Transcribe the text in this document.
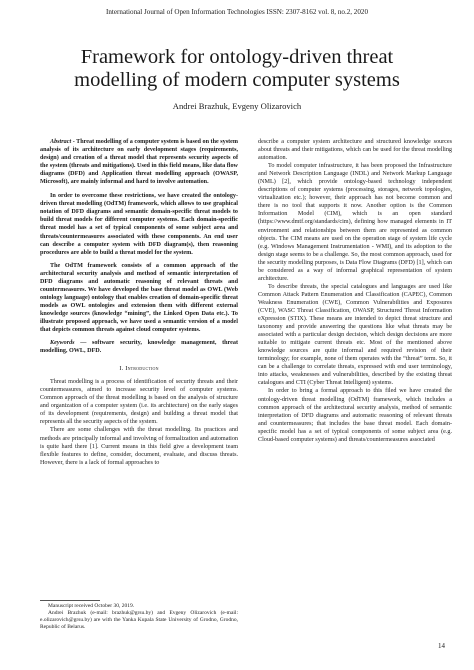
International Journal of Open Information Technologies ISSN: 2307-8162 vol. 8, no.2, 2020
Framework for ontology-driven threat
modelling of modern computer systems
Andrei Brazhuk, Evgeny Olizarovich

Abstract - Threat modelling of a computer system is based on the system analysis of its architecture on early development stages (requirements, design) and creation of a threat model that represents security aspects of the system (threats and mitigations). Used in this field means, like data flow diagrams (DFD) and Application threat modelling approach (OWASP, Microsoft), are mainly informal and hard to involve automation.

In order to overcome these restrictions, we have created the ontology-driven threat modelling (OdTM) framework, which allows to use graphical notation of DFD diagrams and semantic domain-specific threat models to build threat models for different computer systems. Each domain-specific threat model has a set of typical components of some subject area and threats/countermeasures associated with these components. An end user can describe a computer system with DFD diagram(s), then reasoning procedures are able to build a threat model for the system.

The OdTM framework consists of a common approach of the architectural security analysis and method of semantic interpretation of DFD diagrams and automatic reasoning of relevant threats and countermeasures. We have developed the base threat model as OWL (Web ontology language) ontology that enables creation of domain-specific threat models as OWL ontologies and extension them with different external knowledge sources (knowledge “mining”, the Linked Open Data etc.). To illustrate proposed approach, we have used a semantic version of a model that depicts common threats against cloud computer systems.

Keywords — software security, knowledge management, threat modelling, OWL, DFD.

I. Introduction

Threat modelling is a process of identification of security threats and their countermeasures, aimed to increase security level of computer systems. Common approach of the threat modelling is based on the analysis of structure and organization of a computer system (i.e. its architecture) on the early stages of its development (requirements, design) and building a threat model that represents all the security aspects of the system.

There are some challenges with the threat modelling. Its practices and methods are principally informal and involving of formalization and automation is quite hard there [1]. Current means in this field give a development team flexible features to define, consider, document, evaluate, and discuss threats. However, there is a lack of formal approaches to

Manuscript received October 30, 2019.

Andrei Brazhuk (e-mail: brazhuk@grsu.by) and Evgeny Olizarovich (e-mail: e.olizarovich@grsu.by) are with the Yanka Kupala State University of Grodno, Grodno, Republic of Belarus.

describe a computer system architecture and structured knowledge sources about threats and their mitigations, which can be used for the threat modelling automation.

To model computer infrastructure, it has been proposed the Infrastructure and Network Description Language (INDL) and Network Markup Language (NML) [2], which provide ontology-based technology independent descriptions of computer systems (processing, storages, network topologies, virtualization etc.); however, their approach has not become common and there is no tool that supports it now. Another option is the Common Information Model (CIM), which is an open standard (https://www.dmtf.org/standards/cim), defining how managed elements in IT environment and relationships between them are represented as common objects. The CIM means are used on the operation stage of system life cycle (e.g. Windows Management Instrumentation - WMI), and its adoption to the design stage seems to be a challenge. So, the most common approach, used for the security modelling purposes, is Data Flow Diagrams (DFD) [1], which can be considered as a way of informal graphical representation of system architecture.

To describe threats, the special catalogues and languages are used like Common Attack Pattern Enumeration and Classification (CAPEC), Common Weakness Enumeration (CWE), Common Vulnerabilities and Exposures (CVE), WASC Threat Classification, OWASP, Structured Threat Information eXpression (STIX). These means are intended to depict threat structure and taxonomy and provide answering the questions like what threats may be associated with a particular design decision, which design decisions are more suitable to mitigate current threats etc. Most of the mentioned above knowledge sources are quite informal and required revision of their terminology; for example, none of them operates with the “threat” term. So, it can be a challenge to correlate threats, expressed with end user terminology, into attacks, weaknesses and vulnerabilities, described by the existing threat catalogues and CTI (Cyber Threat Intelligent) systems.

In order to bring a formal approach to this filed we have created the ontology-driven threat modelling (OdTM) framework, which includes a common approach of the architectural security analysis, method of semantic interpretation of DFD diagrams and automatic reasoning of relevant threats and countermeasures; that includes the base threat model. Each domain-specific model has a set of typical components of some subject area (e.g. Cloud-based computer systems) and threats/countermeasures associated

14
